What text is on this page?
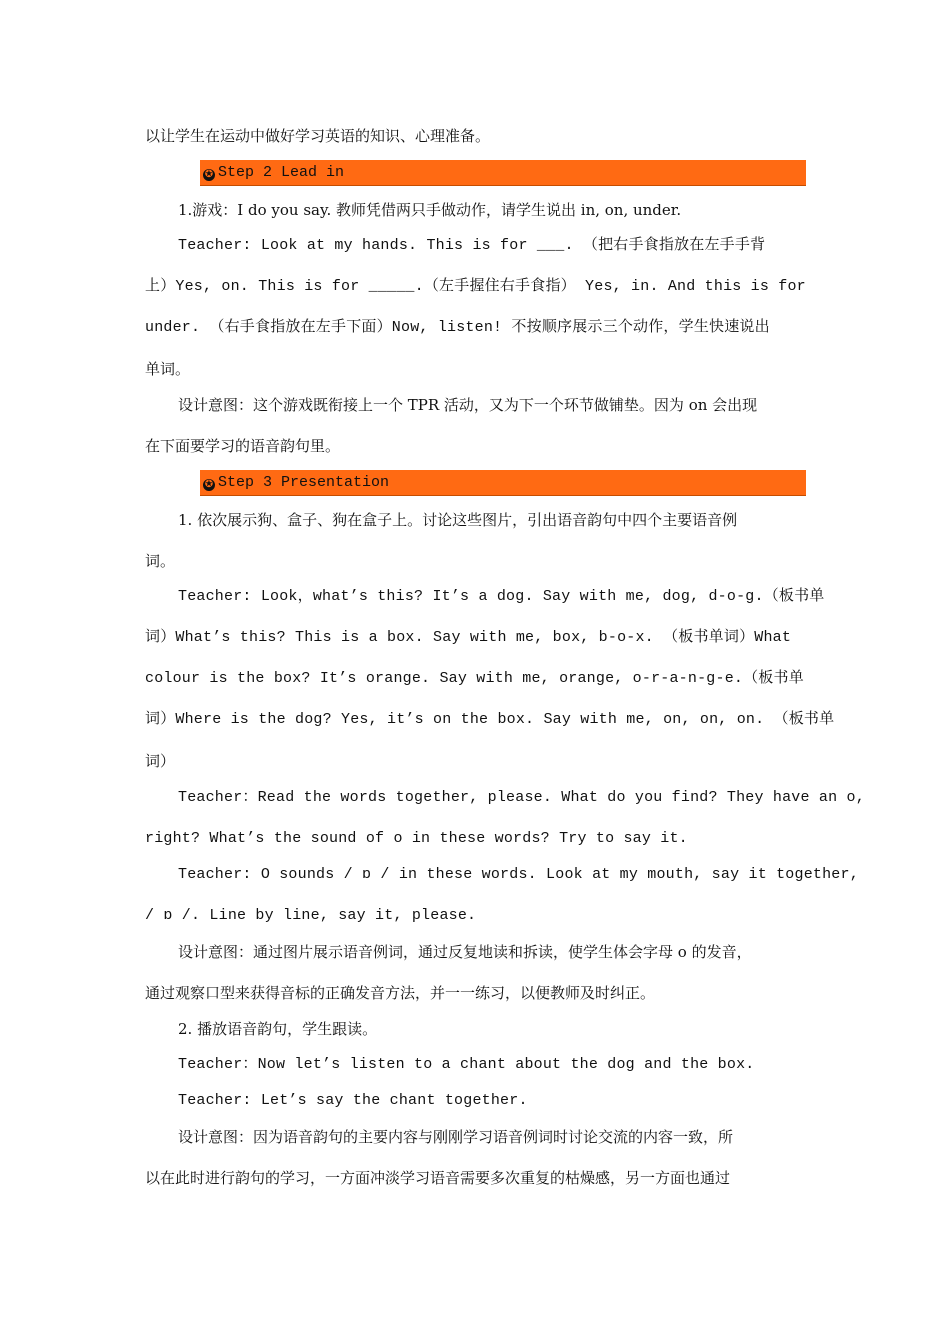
以让学生在运动中做好学习英语的知识、心理准备。
✪ Step 2 Lead in
1.游戏：I do you say. 教师凭借两只手做动作，请学生说出 in, on, under.
Teacher: Look at my hands. This is for ___. （把右手食指放在左手手背
上）Yes, on. This is for _____.（左手握住右手食指） Yes, in. And this is for
under. （右手食指放在左手下面）Now, listen! 不按顺序展示三个动作，学生快速说出
单词。
设计意图：这个游戏既衔接上一个 TPR 活动，又为下一个环节做铺垫。因为 on 会出现
在下面要学习的语音韵句里。
✪ Step 3 Presentation
1. 依次展示狗、盒子、狗在盒子上。讨论这些图片，引出语音韵句中四个主要语音例
词。
Teacher: Look，what’s this? It’s a dog. Say with me, dog, d-o-g.（板书单
词）What’s this? This is a box. Say with me, box, b-o-x. （板书单词）What
colour is the box? It’s orange. Say with me, orange, o-r-a-n-g-e.（板书单
词）Where is the dog? Yes, it’s on the box. Say with me, on, on, on. （板书单
词）
Teacher：Read the words together, please. What do you find? They have an o,
right? What’s the sound of o in these words? Try to say it.
Teacher: O sounds / ɒ / in these words. Look at my mouth, say it together,
/ ɒ /. Line by line, say it, please.
设计意图：通过图片展示语音例词，通过反复地读和拆读，使学生体会字母 o 的发音，
通过观察口型来获得音标的正确发音方法，并一一练习，以便教师及时纠正。
2. 播放语音韵句，学生跟读。
Teacher：Now let’s listen to a chant about the dog and the box.
Teacher: Let’s say the chant together.
设计意图：因为语音韵句的主要内容与刚刚学习语音例词时讨论交流的内容一致，所
以在此时进行韵句的学习，一方面冲淡学习语音需要多次重复的枯燥感，另一方面也通过
